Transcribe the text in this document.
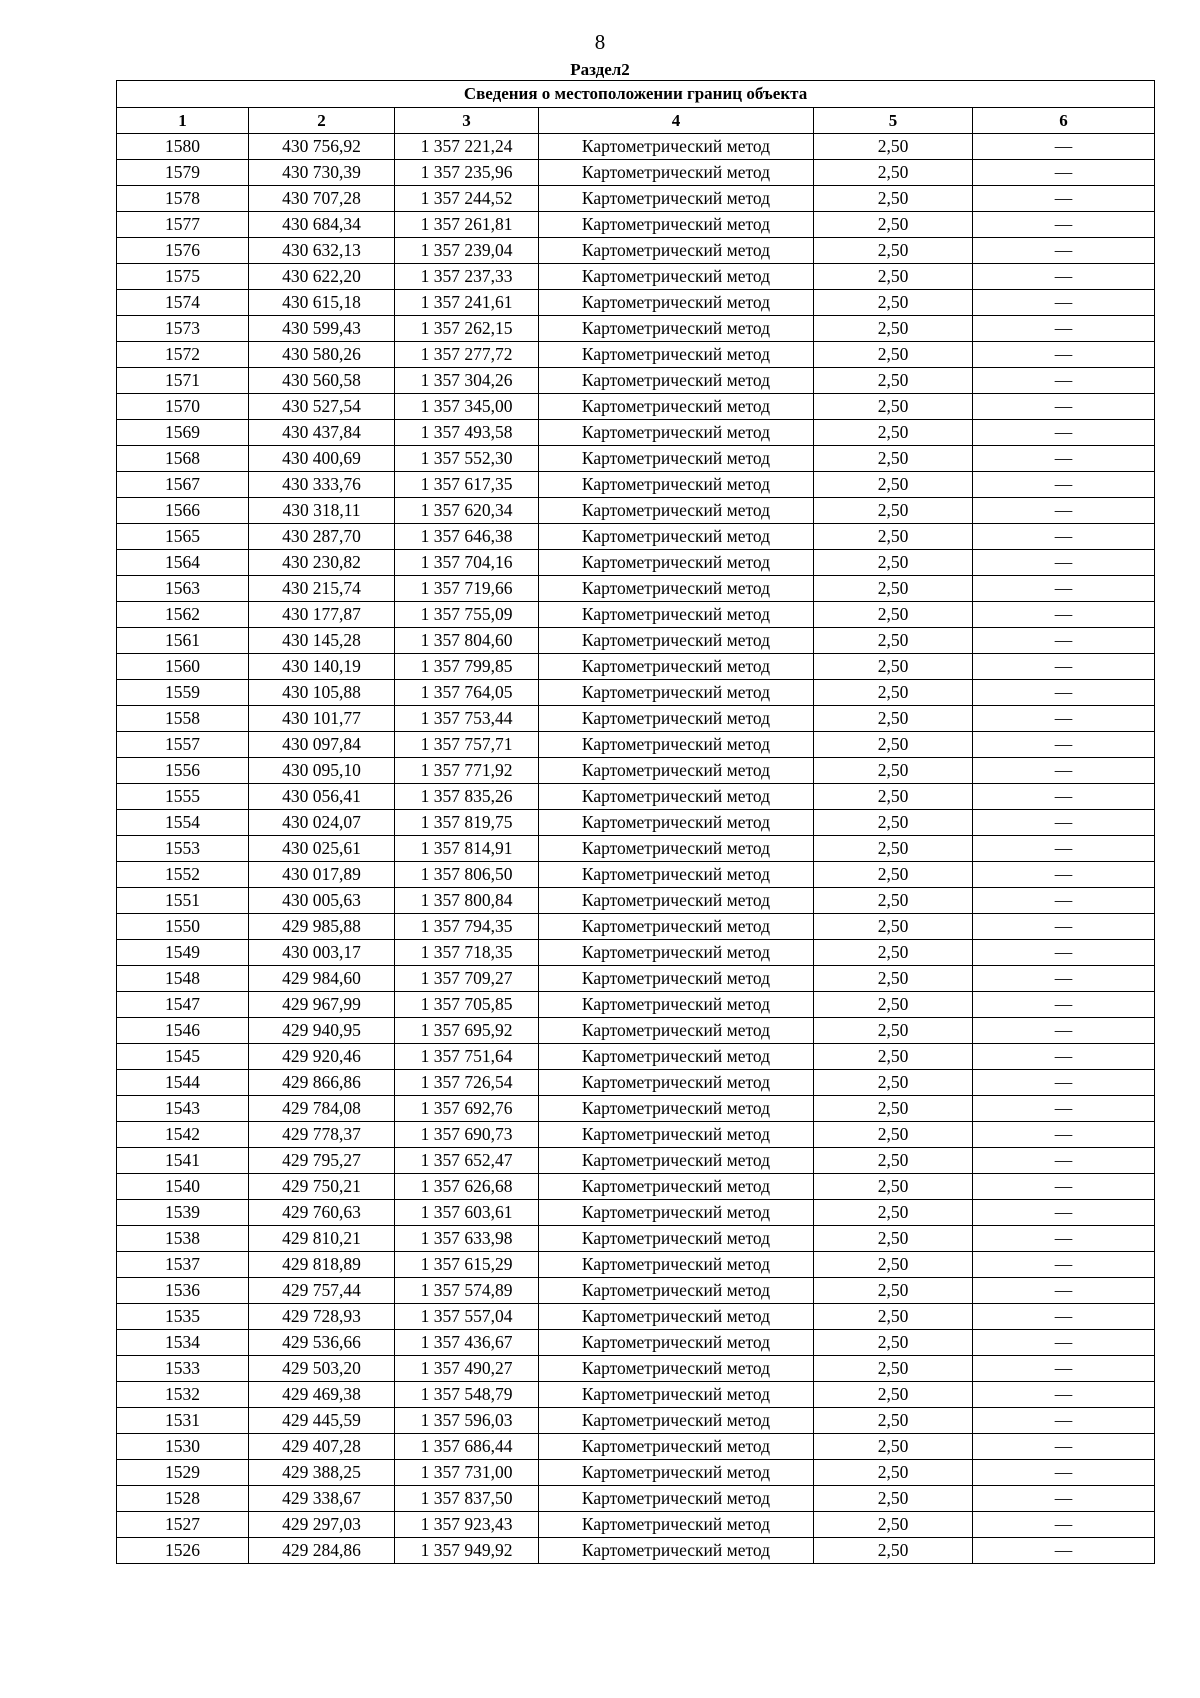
8
Раздел2
Сведения о местоположении границ объекта					
1	2	3	4	5	6
1580	430 756,92	1 357 221,24	Картометрический метод	2,50	—
1579	430 730,39	1 357 235,96	Картометрический метод	2,50	—
1578	430 707,28	1 357 244,52	Картометрический метод	2,50	—
1577	430 684,34	1 357 261,81	Картометрический метод	2,50	—
1576	430 632,13	1 357 239,04	Картометрический метод	2,50	—
1575	430 622,20	1 357 237,33	Картометрический метод	2,50	—
1574	430 615,18	1 357 241,61	Картометрический метод	2,50	—
1573	430 599,43	1 357 262,15	Картометрический метод	2,50	—
1572	430 580,26	1 357 277,72	Картометрический метод	2,50	—
1571	430 560,58	1 357 304,26	Картометрический метод	2,50	—
1570	430 527,54	1 357 345,00	Картометрический метод	2,50	—
1569	430 437,84	1 357 493,58	Картометрический метод	2,50	—
1568	430 400,69	1 357 552,30	Картометрический метод	2,50	—
1567	430 333,76	1 357 617,35	Картометрический метод	2,50	—
1566	430 318,11	1 357 620,34	Картометрический метод	2,50	—
1565	430 287,70	1 357 646,38	Картометрический метод	2,50	—
1564	430 230,82	1 357 704,16	Картометрический метод	2,50	—
1563	430 215,74	1 357 719,66	Картометрический метод	2,50	—
1562	430 177,87	1 357 755,09	Картометрический метод	2,50	—
1561	430 145,28	1 357 804,60	Картометрический метод	2,50	—
1560	430 140,19	1 357 799,85	Картометрический метод	2,50	—
1559	430 105,88	1 357 764,05	Картометрический метод	2,50	—
1558	430 101,77	1 357 753,44	Картометрический метод	2,50	—
1557	430 097,84	1 357 757,71	Картометрический метод	2,50	—
1556	430 095,10	1 357 771,92	Картометрический метод	2,50	—
1555	430 056,41	1 357 835,26	Картометрический метод	2,50	—
1554	430 024,07	1 357 819,75	Картометрический метод	2,50	—
1553	430 025,61	1 357 814,91	Картометрический метод	2,50	—
1552	430 017,89	1 357 806,50	Картометрический метод	2,50	—
1551	430 005,63	1 357 800,84	Картометрический метод	2,50	—
1550	429 985,88	1 357 794,35	Картометрический метод	2,50	—
1549	430 003,17	1 357 718,35	Картометрический метод	2,50	—
1548	429 984,60	1 357 709,27	Картометрический метод	2,50	—
1547	429 967,99	1 357 705,85	Картометрический метод	2,50	—
1546	429 940,95	1 357 695,92	Картометрический метод	2,50	—
1545	429 920,46	1 357 751,64	Картометрический метод	2,50	—
1544	429 866,86	1 357 726,54	Картометрический метод	2,50	—
1543	429 784,08	1 357 692,76	Картометрический метод	2,50	—
1542	429 778,37	1 357 690,73	Картометрический метод	2,50	—
1541	429 795,27	1 357 652,47	Картометрический метод	2,50	—
1540	429 750,21	1 357 626,68	Картометрический метод	2,50	—
1539	429 760,63	1 357 603,61	Картометрический метод	2,50	—
1538	429 810,21	1 357 633,98	Картометрический метод	2,50	—
1537	429 818,89	1 357 615,29	Картометрический метод	2,50	—
1536	429 757,44	1 357 574,89	Картометрический метод	2,50	—
1535	429 728,93	1 357 557,04	Картометрический метод	2,50	—
1534	429 536,66	1 357 436,67	Картометрический метод	2,50	—
1533	429 503,20	1 357 490,27	Картометрический метод	2,50	—
1532	429 469,38	1 357 548,79	Картометрический метод	2,50	—
1531	429 445,59	1 357 596,03	Картометрический метод	2,50	—
1530	429 407,28	1 357 686,44	Картометрический метод	2,50	—
1529	429 388,25	1 357 731,00	Картометрический метод	2,50	—
1528	429 338,67	1 357 837,50	Картометрический метод	2,50	—
1527	429 297,03	1 357 923,43	Картометрический метод	2,50	—
1526	429 284,86	1 357 949,92	Картометрический метод	2,50	—
